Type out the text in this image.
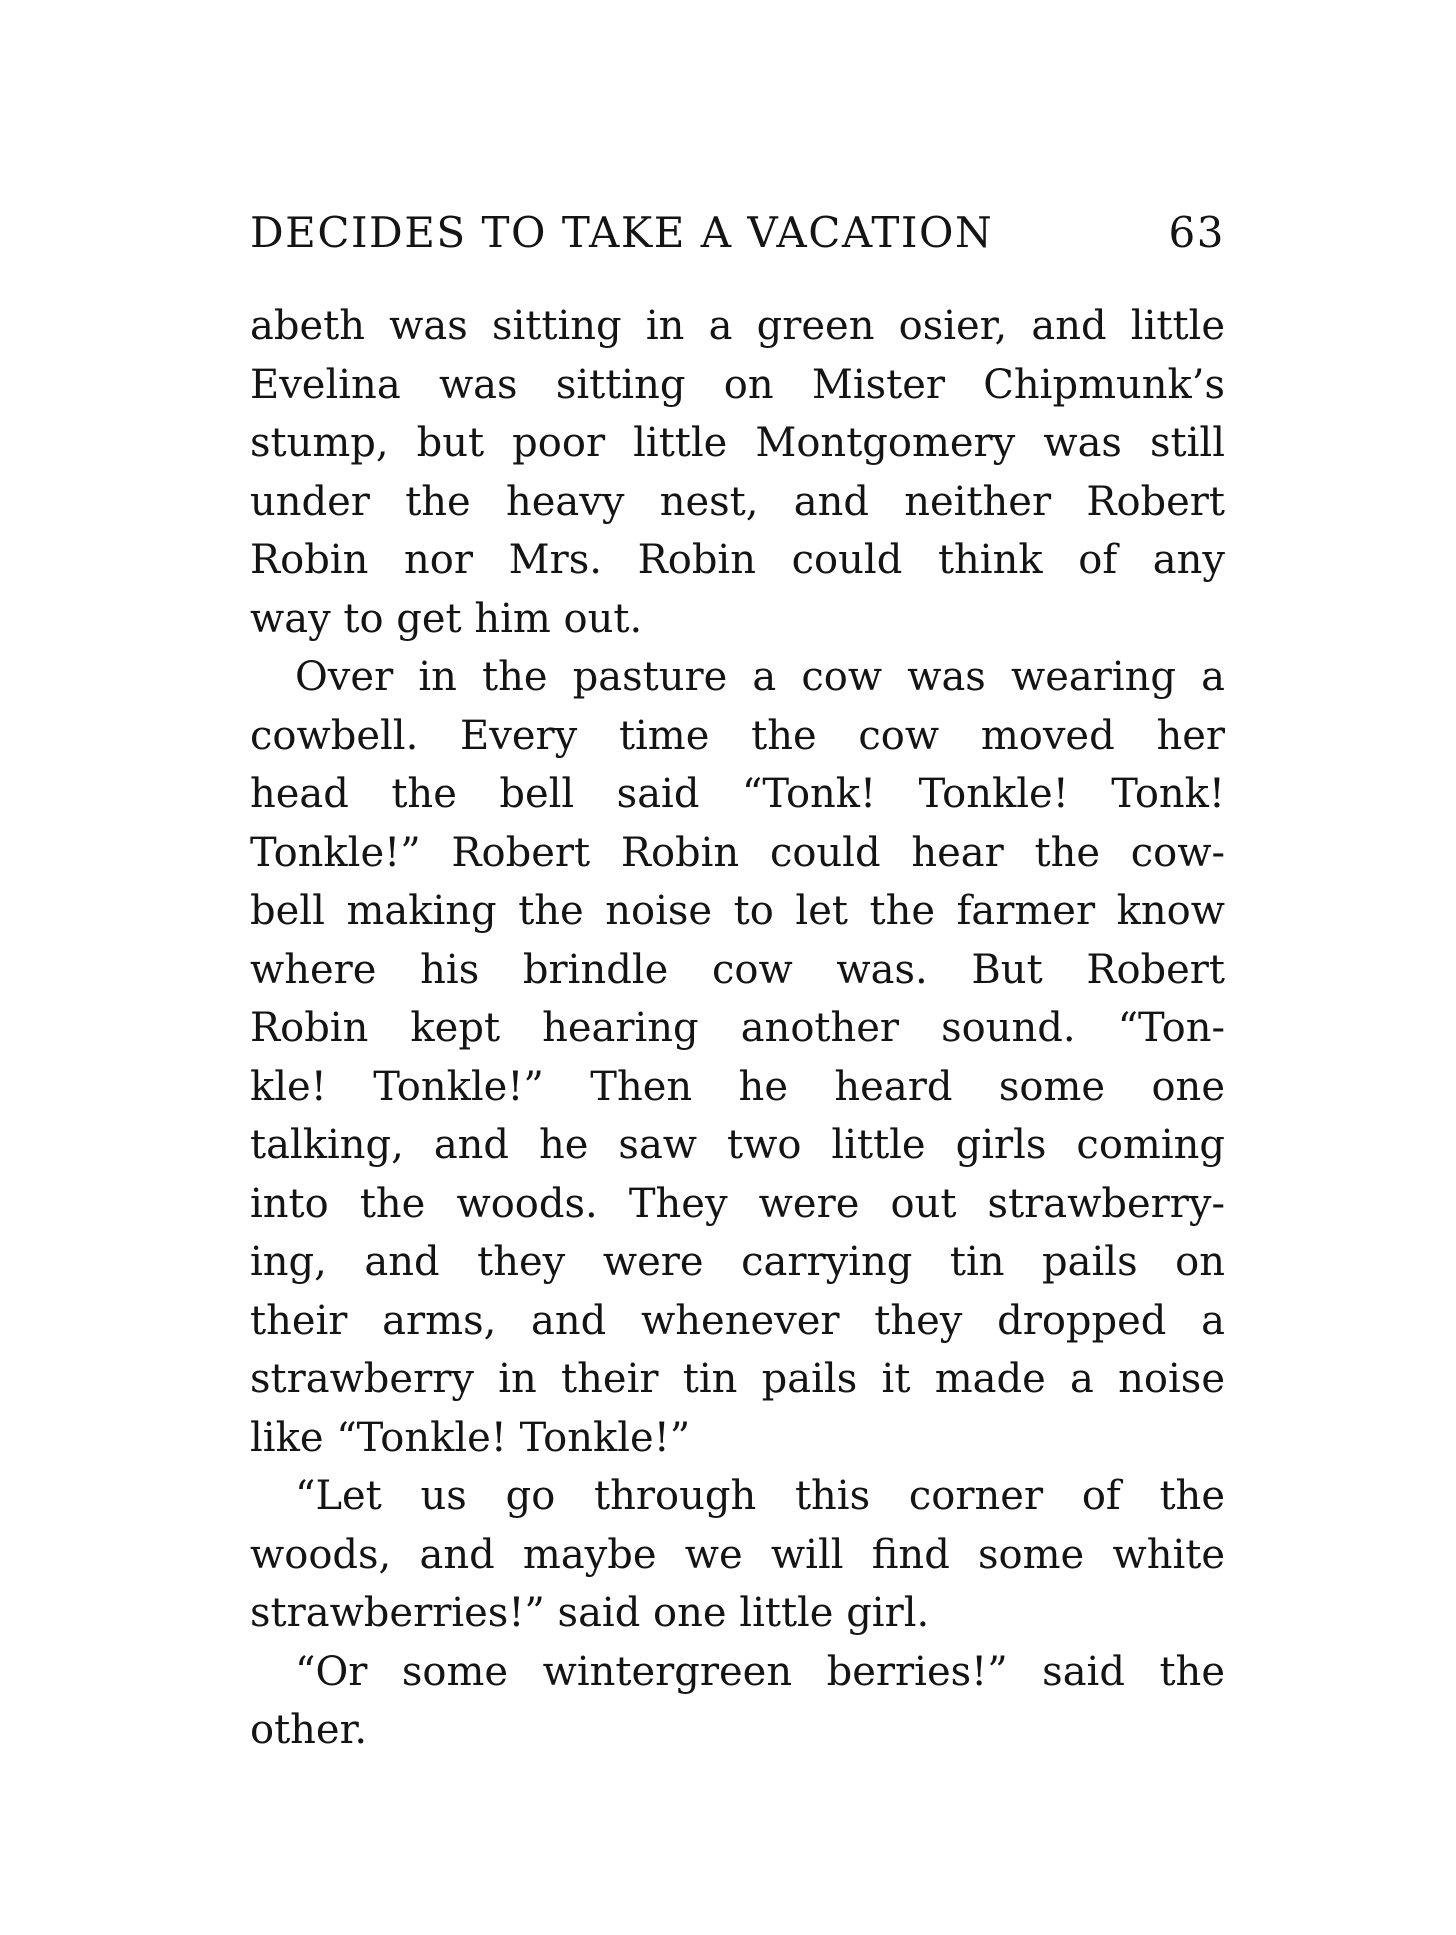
DECIDES TO TAKE A VACATION	63

abeth was sitting in a green osier, and little
Evelina was sitting on Mister Chipmunk’s
stump, but poor little Montgomery was still
under the heavy nest, and neither Robert
Robin nor Mrs. Robin could think of any
way to get him out.

Over in the pasture a cow was wearing a
cowbell. Every time the cow moved her
head the bell said “Tonk! Tonkle! Tonk!
Tonkle!” Robert Robin could hear the cow-
bell making the noise to let the farmer know
where his brindle cow was. But Robert
Robin kept hearing another sound. “Ton-
kle! Tonkle!” Then he heard some one
talking, and he saw two little girls coming
into the woods. They were out strawberry-
ing, and they were carrying tin pails on
their arms, and whenever they dropped a
strawberry in their tin pails it made a noise
like “Tonkle! Tonkle!”

“Let us go through this corner of the
woods, and maybe we will find some white
strawberries!” said one little girl.

“Or some wintergreen berries!” said the
other.
